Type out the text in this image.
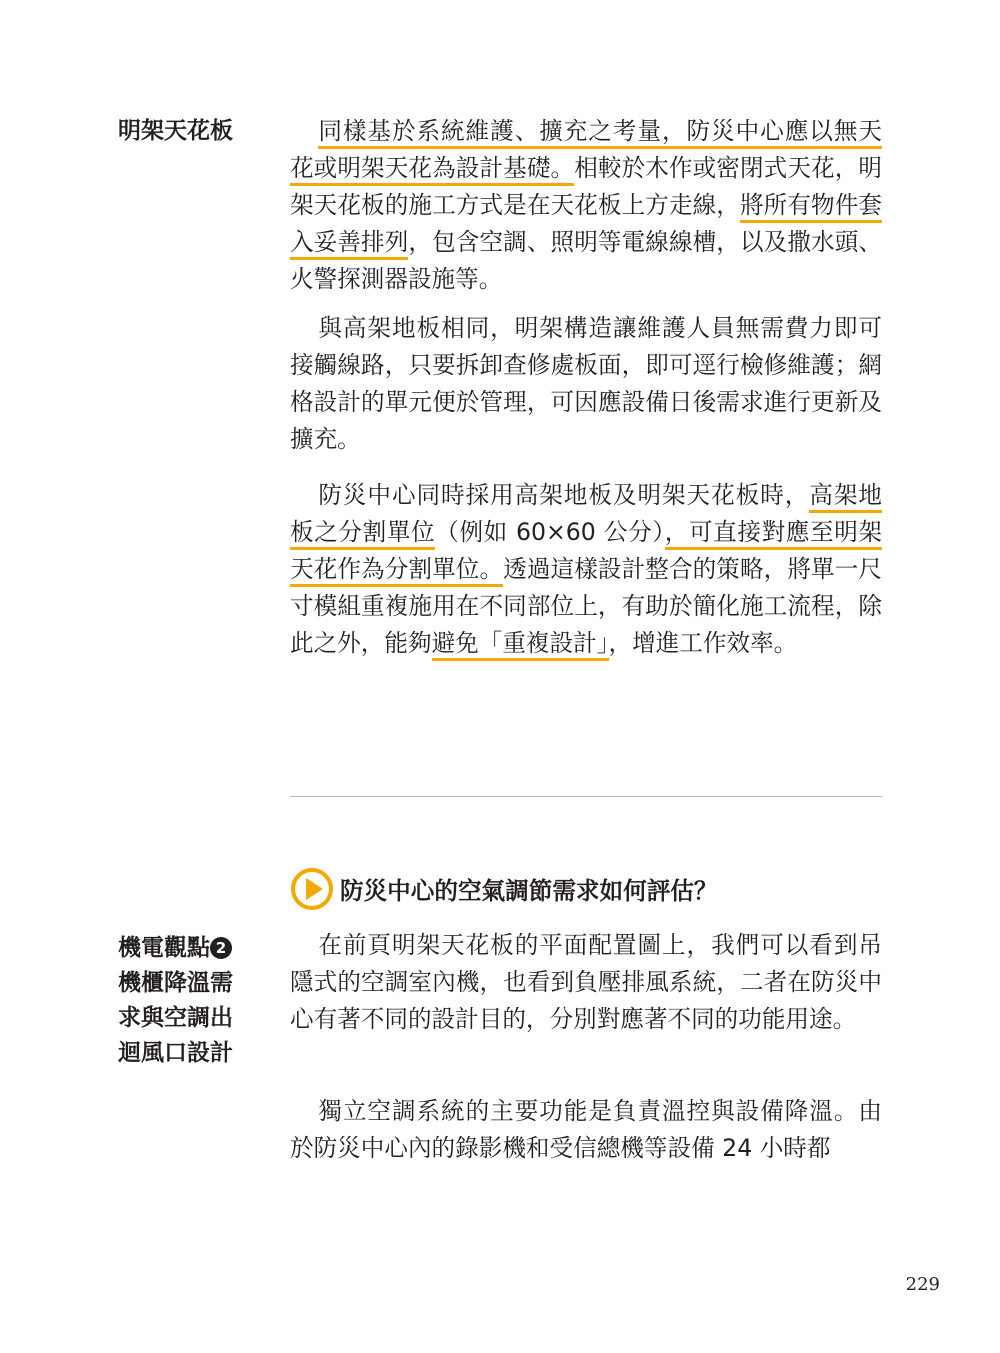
明架天花板	同樣基於系統維護、擴充之考量，防災中心應以無天花或明架天花為設計基礎。相較於木作或密閉式天花，明架天花板的施工方式是在天花板上方走線，將所有物件套入妥善排列，包含空調、照明等電線線槽，以及撒水頭、火警探測器設施等。

與高架地板相同，明架構造讓維護人員無需費力即可接觸線路，只要拆卸查修處板面，即可逕行檢修維護；網格設計的單元便於管理，可因應設備日後需求進行更新及擴充。

防災中心同時採用高架地板及明架天花板時，高架地板之分割單位（例如 60×60 公分），可直接對應至明架天花作為分割單位。透過這樣設計整合的策略，將單一尺寸模組重複施用在不同部位上，有助於簡化施工流程，除此之外，能夠避免「重複設計」，增進工作效率。

防災中心的空氣調節需求如何評估？
機電觀點 2
機櫃降溫需
求與空調出
迴風口設計

在前頁明架天花板的平面配置圖上，我們可以看到吊隱式的空調室內機，也看到負壓排風系統，二者在防災中心有著不同的設計目的，分別對應著不同的功能用途。

獨立空調系統的主要功能是負責溫控與設備降溫。由於防災中心內的錄影機和受信總機等設備 24 小時都

229
